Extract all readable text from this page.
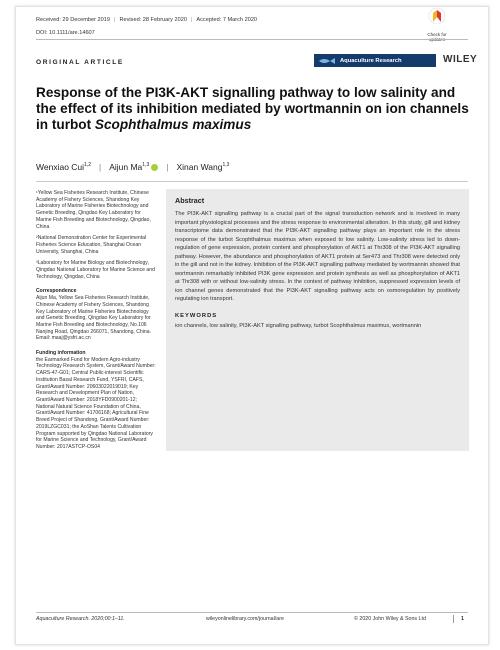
Received: 29 December 2019 | Revised: 28 February 2020 | Accepted: 7 March 2020
DOI: 10.1111/are.14607	Check for
updates
ORIGINAL ARTICLE	Aquaculture Research	WILEY
Response of the PI3K-AKT signalling pathway to low salinity and the effect of its inhibition mediated by wortmannin on ion channels in turbot Scophthalmus maximus
Wenxiao Cui$^{1,2}$ | Aijun Ma$^{1,3}$ | Xinan Wang$^{1,3}$

¹Yellow Sea Fisheries Research Institute, Chinese Academy of Fishery Sciences, Shandong Key Laboratory of Marine Fisheries Biotechnology and Genetic Breeding, Qingdao Key Laboratory for Marine Fish Breeding and Biotechnology, Qingdao, China

²National Demonstration Center for Experimental Fisheries Science Education, Shanghai Ocean University, Shanghai, China

³Laboratory for Marine Biology and Biotechnology, Qingdao National Laboratory for Marine Science and Technology, Qingdao, China

Correspondence

Aijun Ma, Yellow Sea Fisheries Research Institute, Chinese Academy of Fishery Sciences, Shandong Key Laboratory of Marine Fisheries Biotechnology and Genetic Breeding, Qingdao Key Laboratory for Marine Fish Breeding and Biotechnology, No.106 Nanjing Road, Qingdao 266071, Shandong, China.

Email: maaj@ysfri.ac.cn

Funding information

the Earmarked Fund for Modern Agro-industry Technology Research System, Grant/Award Number: CARS-47-G01; Central Public-interest Scientific Institution Basal Research Fund, YSFRI, CAFS, Grant/Award Number: 20603022019019; Key Research and Development Plan of Nation, Grant/Award Number: 2018YFD0900201-12; National Natural Science Foundation of China, Grant/Award Number: 41706168; Agricultural Fine Breed Project of Shandong, Grant/Award Number: 2019LZGC031; the AoShan Talents Cultivation Program supported by Qingdao National Laboratory for Marine Science and Technology, Grant/Award Number: 2017ASTCP-OS04

Abstract
The PI3K-AKT signalling pathway is a crucial part of the signal transduction network and is involved in many important physiological processes and the stress response to environmental alteration. In this study, gill and kidney transcriptome data demonstrated that the PI3K-AKT signalling pathway plays an important role in the stress response of the turbot Scophthalmus maximus when exposed to low salinity. Low-salinity stress led to down-regulation of gene expression, protein content and phosphorylation of AKT1 at Thr308 of the PI3K-AKT signalling pathway. However, the abundance and phosphorylation of AKT1 protein at Ser473 and Thr308 were detected only in the gill and not in the kidney. Inhibition of the PI3K-AKT signalling pathway mediated by wortmannin showed that wortmannin remarkably inhibited PI3K gene expression and protein synthesis as well as phosphorylation of AKT1 at Thr308 with or without low-salinity stress. In the context of pathway inhibition, suppressed expression levels of ion channel genes demonstrated that the PI3K-AKT signalling pathway acts on osmoregulation by positively regulating ion transport.
KEYWORDS
ion channels, low salinity, PI3K-AKT signalling pathway, turbot Scophthalmus maximus, wortmannin
Aquaculture Research. 2020;00:1–11.	wileyonlinelibrary.com/journal/are	© 2020 John Wiley & Sons Ltd	1
